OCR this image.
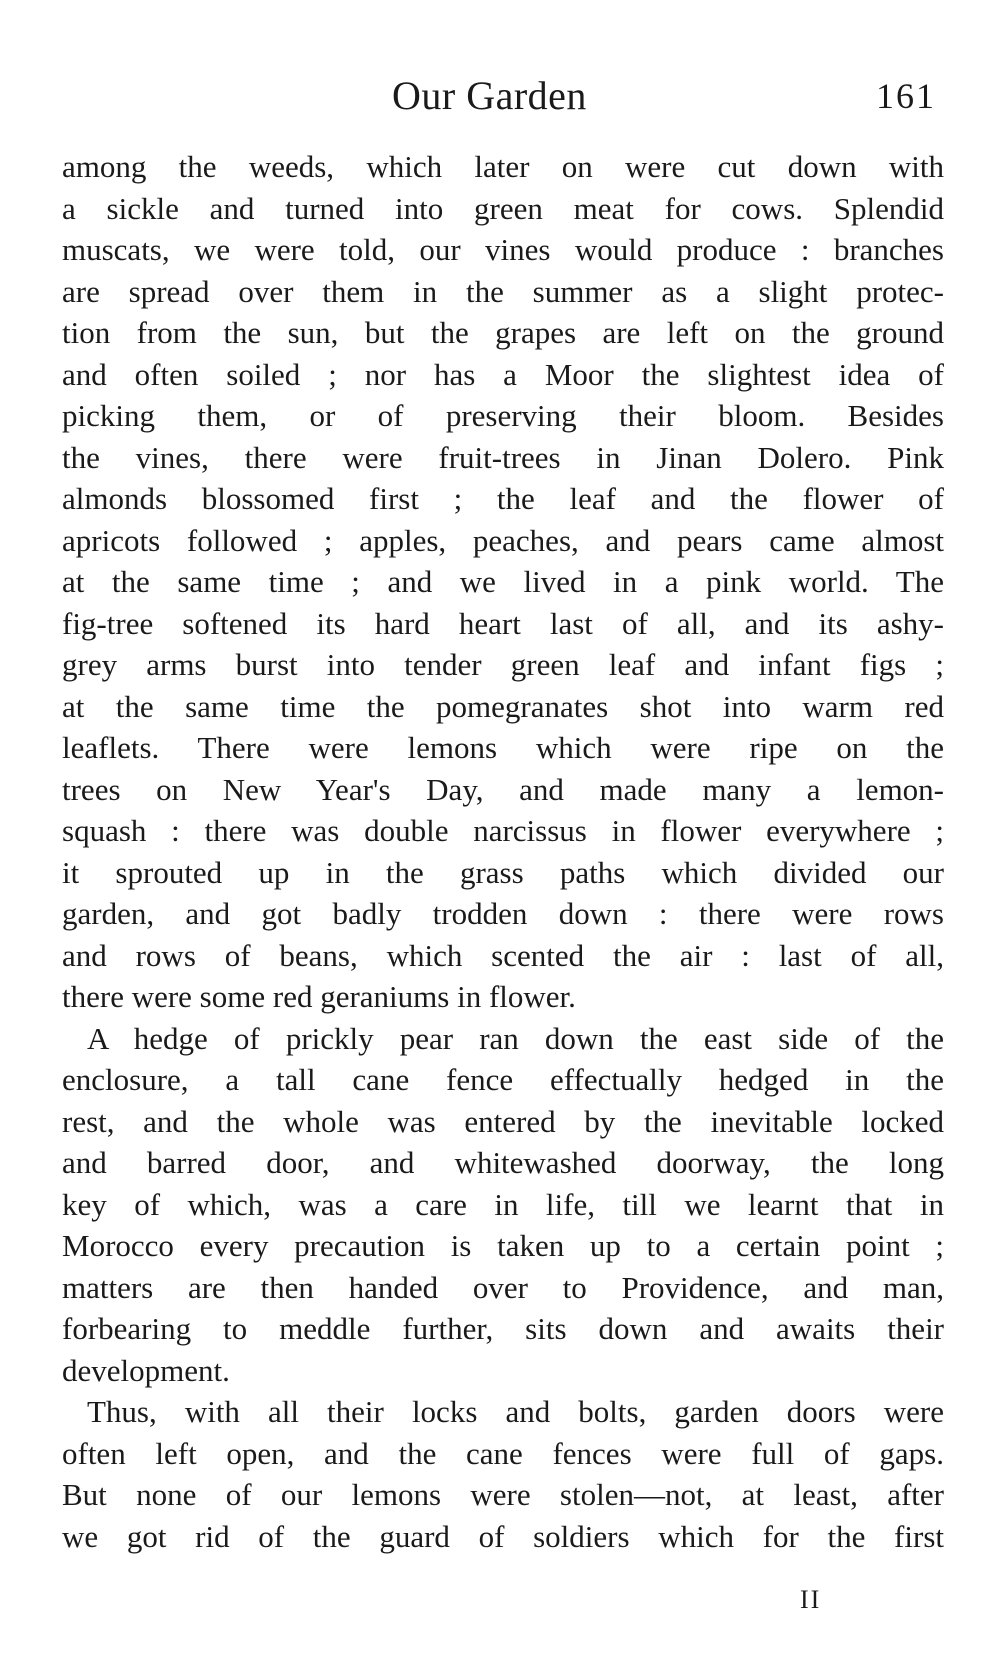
Our Garden	161
among the weeds, which later on were cut down with
a sickle and turned into green meat for cows. Splendid
muscats, we were told, our vines would produce : branches
are spread over them in the summer as a slight protec-
tion from the sun, but the grapes are left on the ground
and often soiled ; nor has a Moor the slightest idea of
picking them, or of preserving their bloom. Besides
the vines, there were fruit-trees in Jinan Dolero. Pink
almonds blossomed first ; the leaf and the flower of
apricots followed ; apples, peaches, and pears came almost
at the same time ; and we lived in a pink world. The
fig-tree softened its hard heart last of all, and its ashy-
grey arms burst into tender green leaf and infant figs ;
at the same time the pomegranates shot into warm red
leaflets. There were lemons which were ripe on the
trees on New Year's Day, and made many a lemon-
squash : there was double narcissus in flower everywhere ;
it sprouted up in the grass paths which divided our
garden, and got badly trodden down : there were rows
and rows of beans, which scented the air : last of all,
there were some red geraniums in flower.
A hedge of prickly pear ran down the east side of the
enclosure, a tall cane fence effectually hedged in the
rest, and the whole was entered by the inevitable locked
and barred door, and whitewashed doorway, the long
key of which, was a care in life, till we learnt that in
Morocco every precaution is taken up to a certain point ;
matters are then handed over to Providence, and man,
forbearing to meddle further, sits down and awaits their
development.
Thus, with all their locks and bolts, garden doors were
often left open, and the cane fences were full of gaps.
But none of our lemons were stolen—not, at least, after
we got rid of the guard of soldiers which for the first
II
